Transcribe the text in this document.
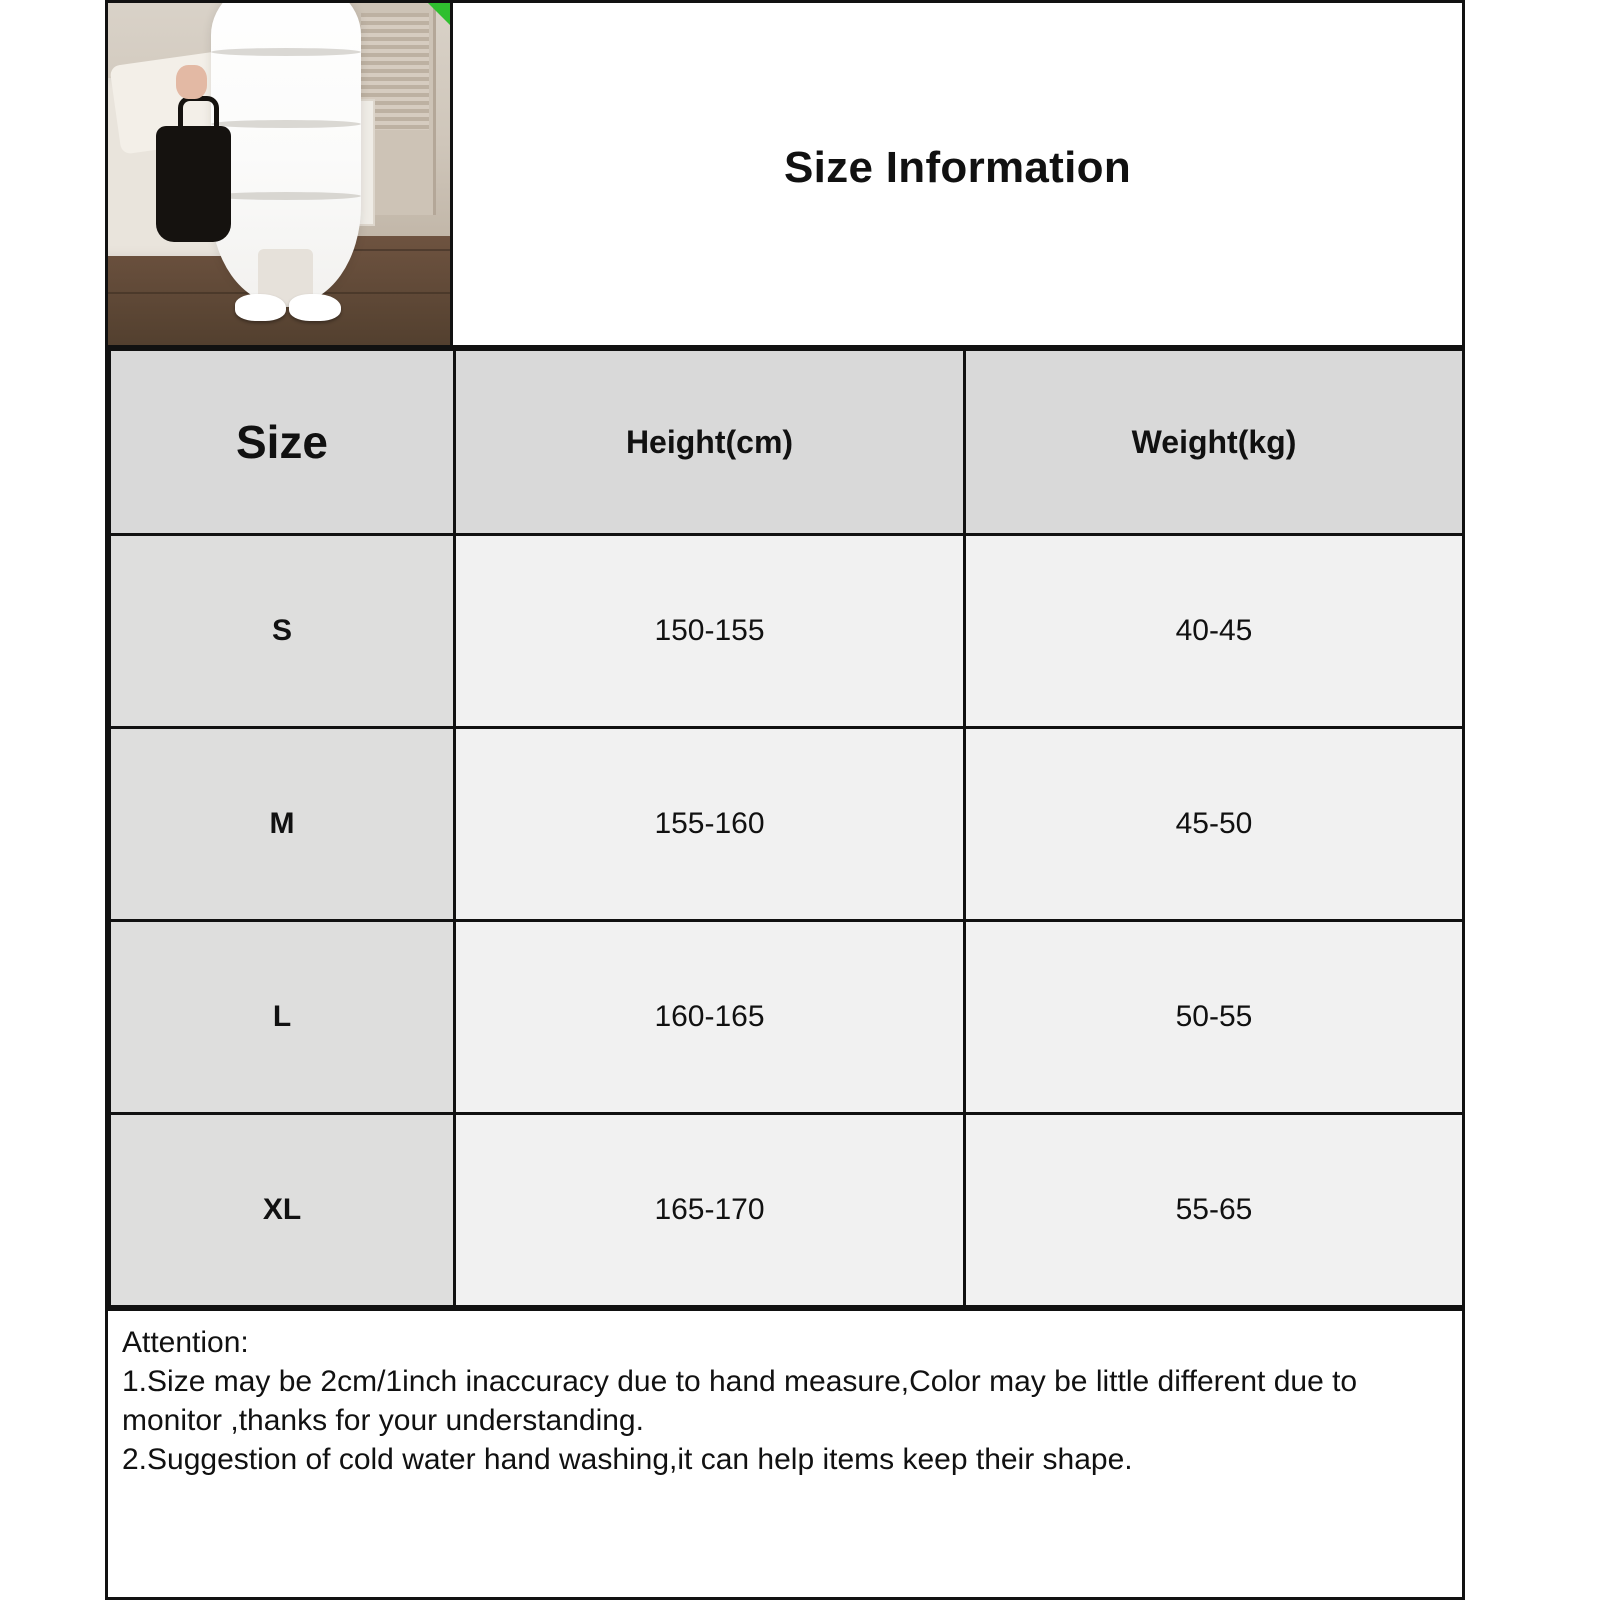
Size Information
Size	Height(cm)	Weight(kg)
S	150-155	40-45
M	155-160	45-50
L	160-165	50-55
XL	165-170	55-65
Attention:
1.Size may be 2cm/1inch inaccuracy due to hand measure,Color may be little different due to monitor ,thanks for your understanding.
2.Suggestion of cold water hand washing,it can help items keep their shape.
